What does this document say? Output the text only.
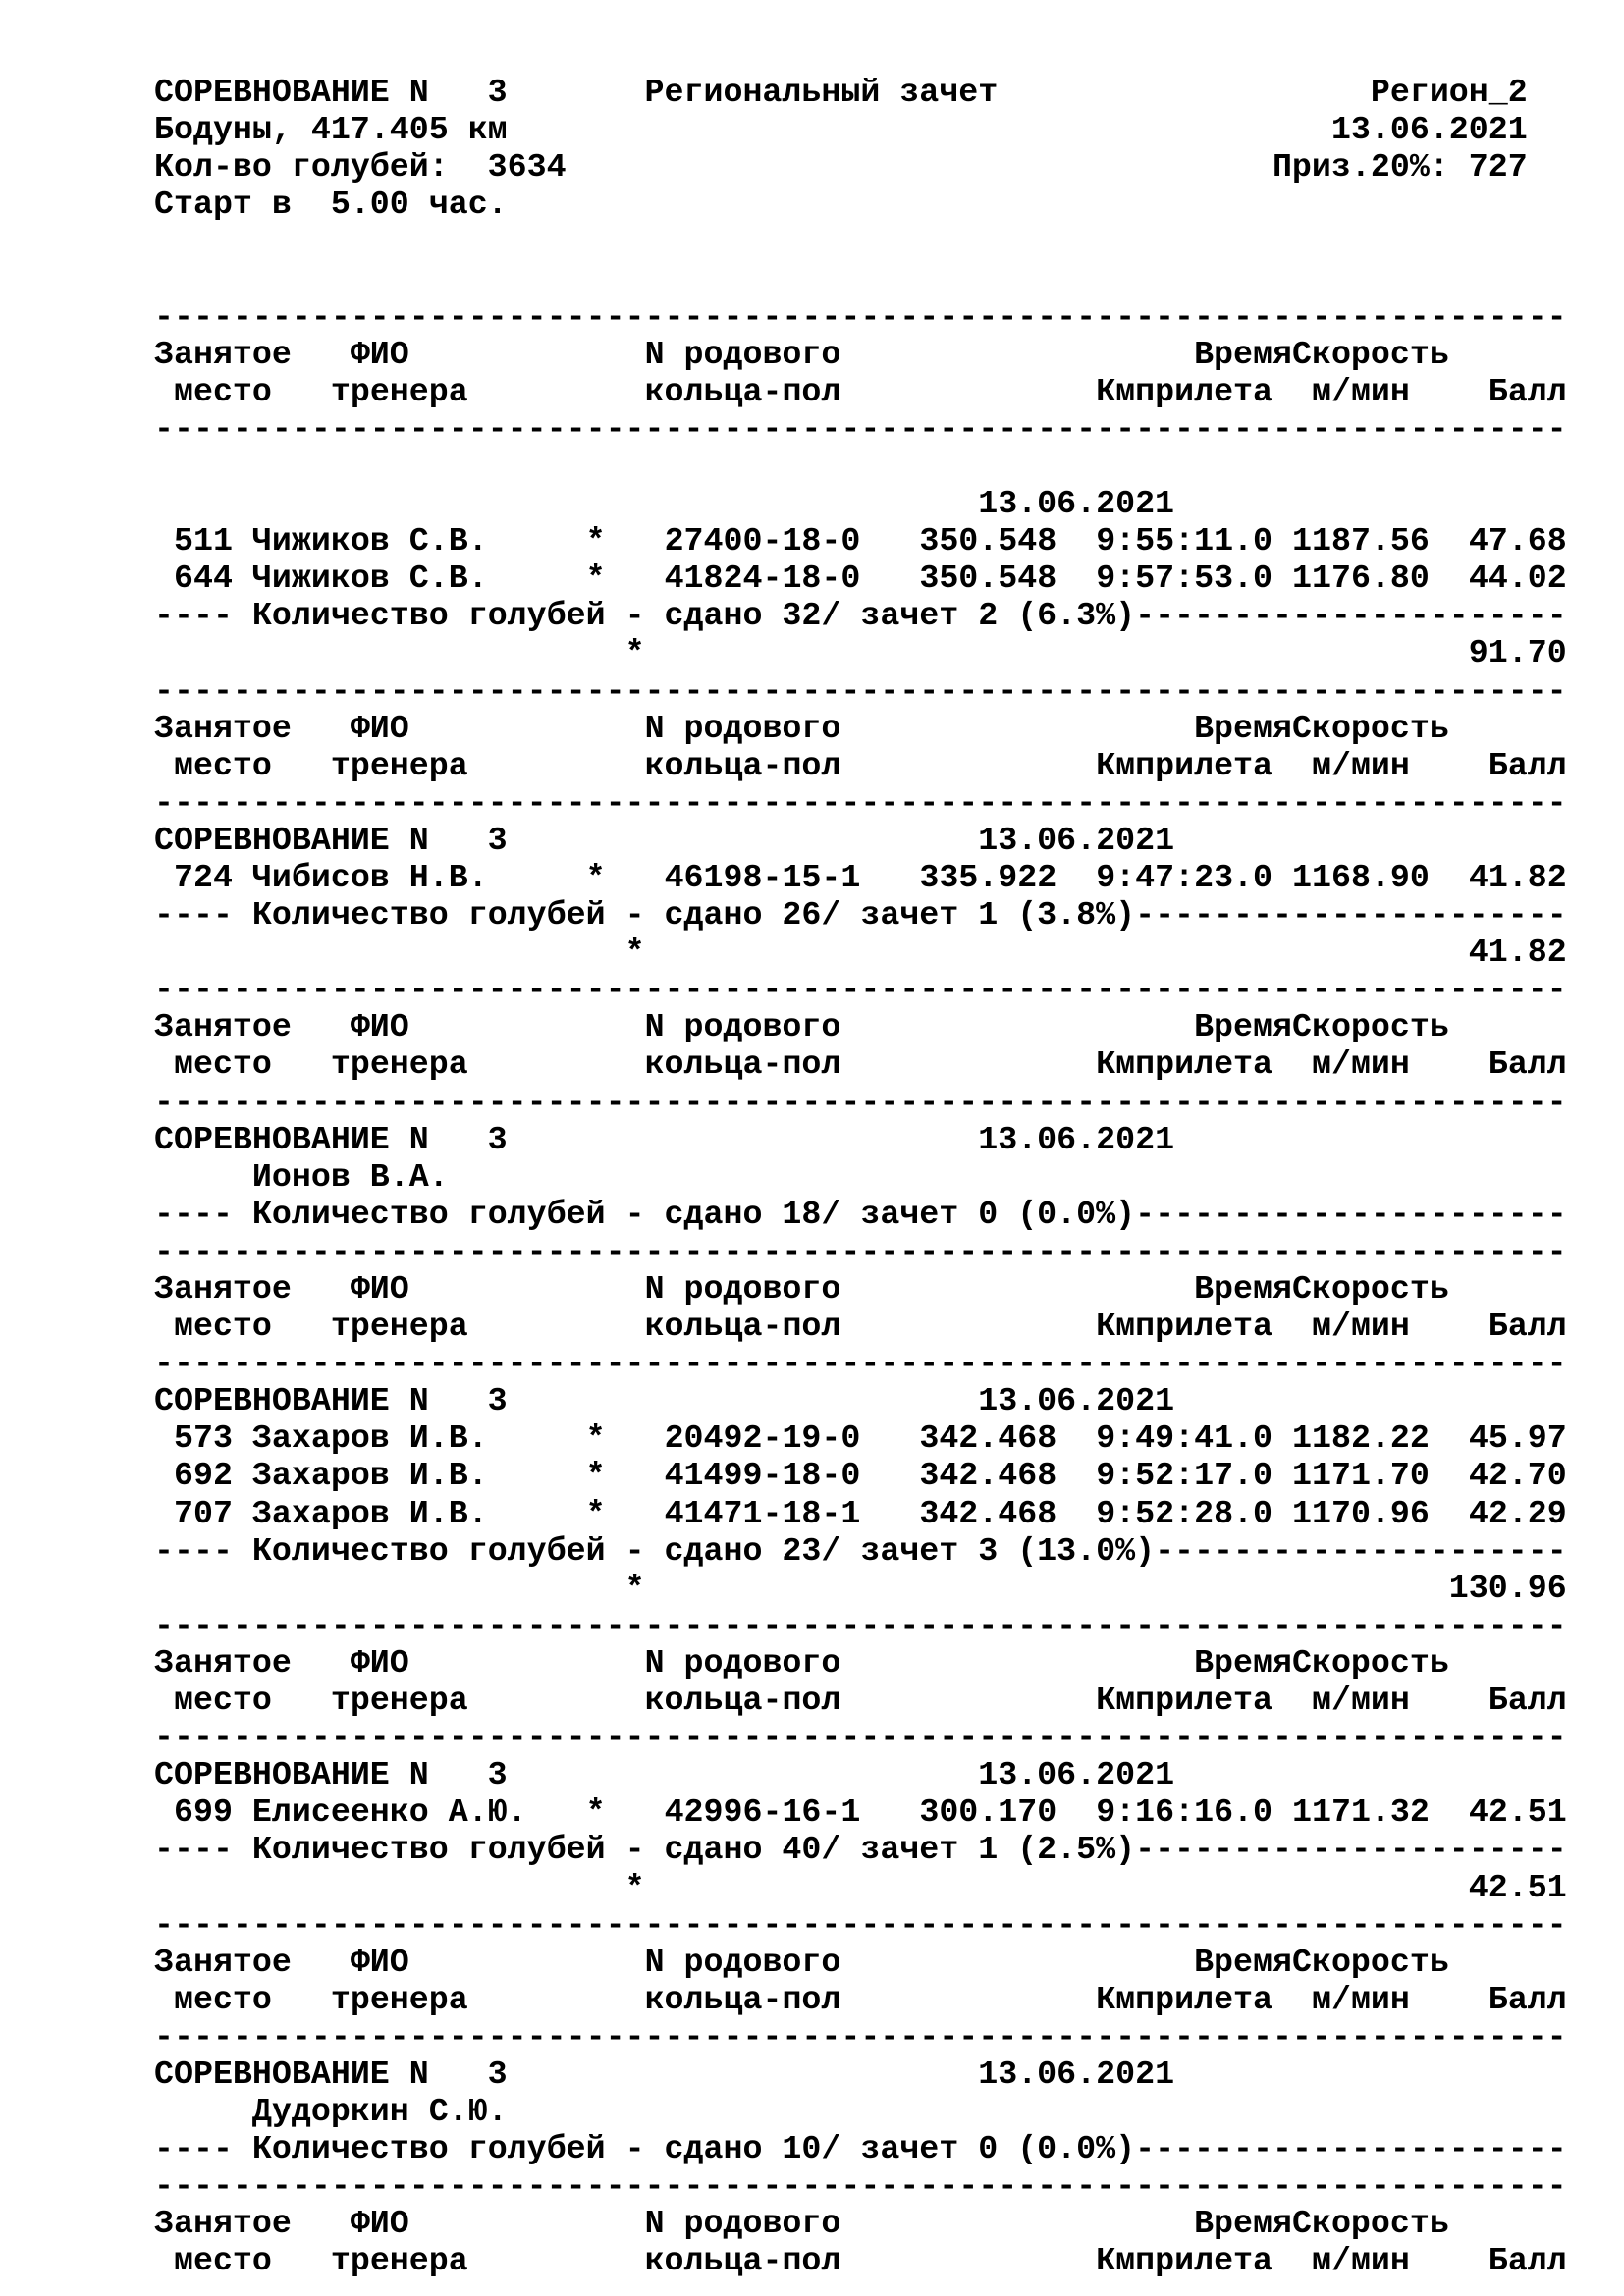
СОРЕВНОВАНИЕ N   3	Региональный зачет	Регион_2
Бодуны, 417.405 км	13.06.2021
Кол-во голубей:  3634	Приз.20%: 727
Старт в  5.00 час.

------------------------------------------------------------------------
Занятое ФИО	N родового	ВремяСкорость
место тренера	кольца-пол	Кмприлета м/мин Балл
------------------------------------------------------------------------

13.06.2021
511 Чижиков С.В.	* 27400-18-0 350.548 9:55:11.0 1187.56 47.68
644 Чижиков С.В.	* 41824-18-0 350.548 9:57:53.0 1176.80 44.02
---- Количество голубей - сдано 32/ зачет 2 (6.3%)----------------------
*	91.70
------------------------------------------------------------------------
Занятое ФИО	N родового	ВремяСкорость
место тренера	кольца-пол	Кмприлета м/мин Балл
------------------------------------------------------------------------
СОРЕВНОВАНИЕ N   3	13.06.2021
724 Чибисов Н.В.	* 46198-15-1 335.922 9:47:23.0 1168.90 41.82
---- Количество голубей - сдано 26/ зачет 1 (3.8%)----------------------
*	41.82
------------------------------------------------------------------------
Занятое ФИО	N родового	ВремяСкорость
место тренера	кольца-пол	Кмприлета м/мин Балл
------------------------------------------------------------------------
СОРЕВНОВАНИЕ N   3	13.06.2021
Ионов В.А.
---- Количество голубей - сдано 18/ зачет 0 (0.0%)----------------------
------------------------------------------------------------------------
Занятое ФИО	N родового	ВремяСкорость
место тренера	кольца-пол	Кмприлета м/мин Балл
------------------------------------------------------------------------
СОРЕВНОВАНИЕ N   3	13.06.2021
573 Захаров И.В.	* 20492-19-0 342.468 9:49:41.0 1182.22 45.97
692 Захаров И.В.	* 41499-18-0 342.468 9:52:17.0 1171.70 42.70
707 Захаров И.В.	* 41471-18-1 342.468 9:52:28.0 1170.96 42.29
---- Количество голубей - сдано 23/ зачет 3 (13.0%)---------------------
*	130.96
------------------------------------------------------------------------
Занятое ФИО	N родового	ВремяСкорость
место тренера	кольца-пол	Кмприлета м/мин Балл
------------------------------------------------------------------------
СОРЕВНОВАНИЕ N   3	13.06.2021
699 Елисеенко А.Ю. * 42996-16-1 300.170 9:16:16.0 1171.32 42.51
---- Количество голубей - сдано 40/ зачет 1 (2.5%)----------------------
*	42.51
------------------------------------------------------------------------
Занятое ФИО	N родового	ВремяСкорость
место тренера	кольца-пол	Кмприлета м/мин Балл
------------------------------------------------------------------------
СОРЕВНОВАНИЕ N   3	13.06.2021
Дудоркин С.Ю.
---- Количество голубей - сдано 10/ зачет 0 (0.0%)----------------------
------------------------------------------------------------------------
Занятое ФИО	N родового	ВремяСкорость
место тренера	кольца-пол	Кмприлета м/мин Балл
